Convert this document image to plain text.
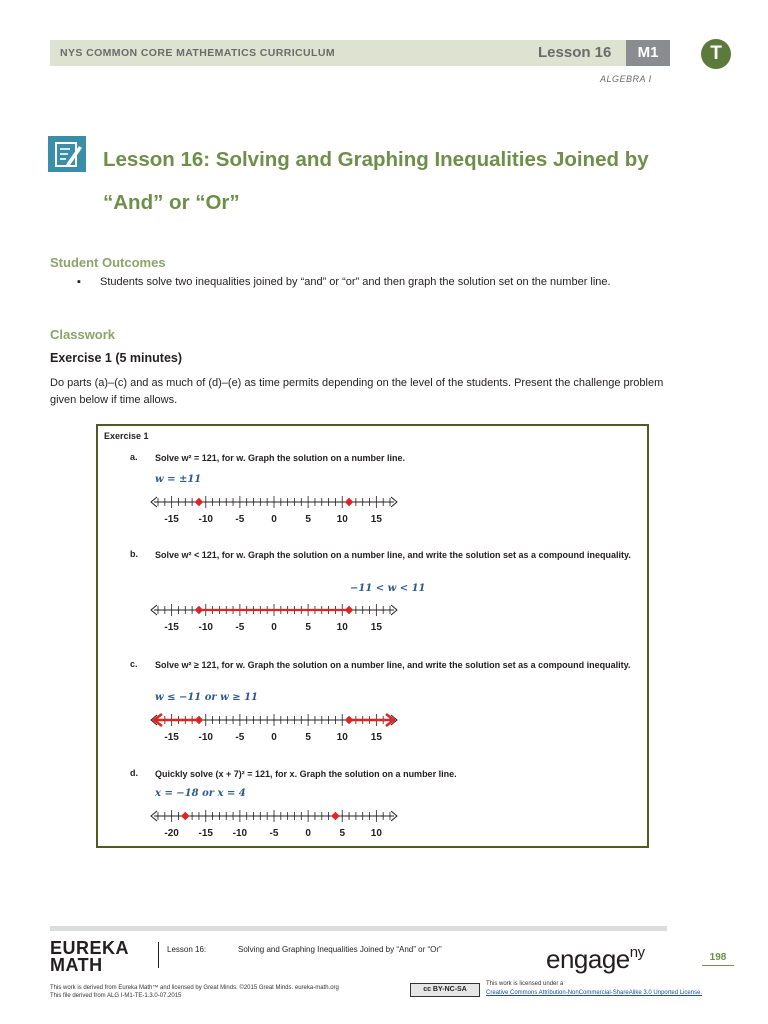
NYS COMMON CORE MATHEMATICS CURRICULUM	Lesson 16	M1	T
ALGEBRA I
Lesson 16: Solving and Graphing Inequalities Joined by
“And” or “Or”
Student Outcomes
▪ Students solve two inequalities joined by “and” or “or” and then graph the solution set on the number line.
Classwork
Exercise 1 (5 minutes)
Do parts (a)–(c) and as much of (d)–(e) as time permits depending on the level of the students. Present the challenge problem given below if time allows.
Exercise 1
a. Solve w² = 121, for w. Graph the solution on a number line.
w = ±11
-15 -10 -5	0	5	10 15
b. Solve w² < 121, for w. Graph the solution on a number line, and write the solution set as a compound inequality.
−11 < w < 11
-15 -10 -5	0	5	10 15
c. Solve w² ≥ 121, for w. Graph the solution on a number line, and write the solution set as a compound inequality.
w ≤ −11 or w ≥ 11
-15 -10 -5	0	5	10 15
d. Quickly solve (x + 7)² = 121, for x. Graph the solution on a number line.
x = −18 or x = 4
-20 -15 -10 -5	0	5	10
EUREKA
MATH
Lesson 16:	Solving and Graphing Inequalities Joined by “And” or “Or”	engage$^{ny}$	198
This work is derived from Eureka Math™ and licensed by Great Minds. ©2015 Great Minds. eureka-math.org
This file derived from ALG I-M1-TE-1.3.0-07.2015
cc BY-NC-SA
This work is licensed under a
Creative Commons Attribution-NonCommercial-ShareAlike 3.0 Unported License.
